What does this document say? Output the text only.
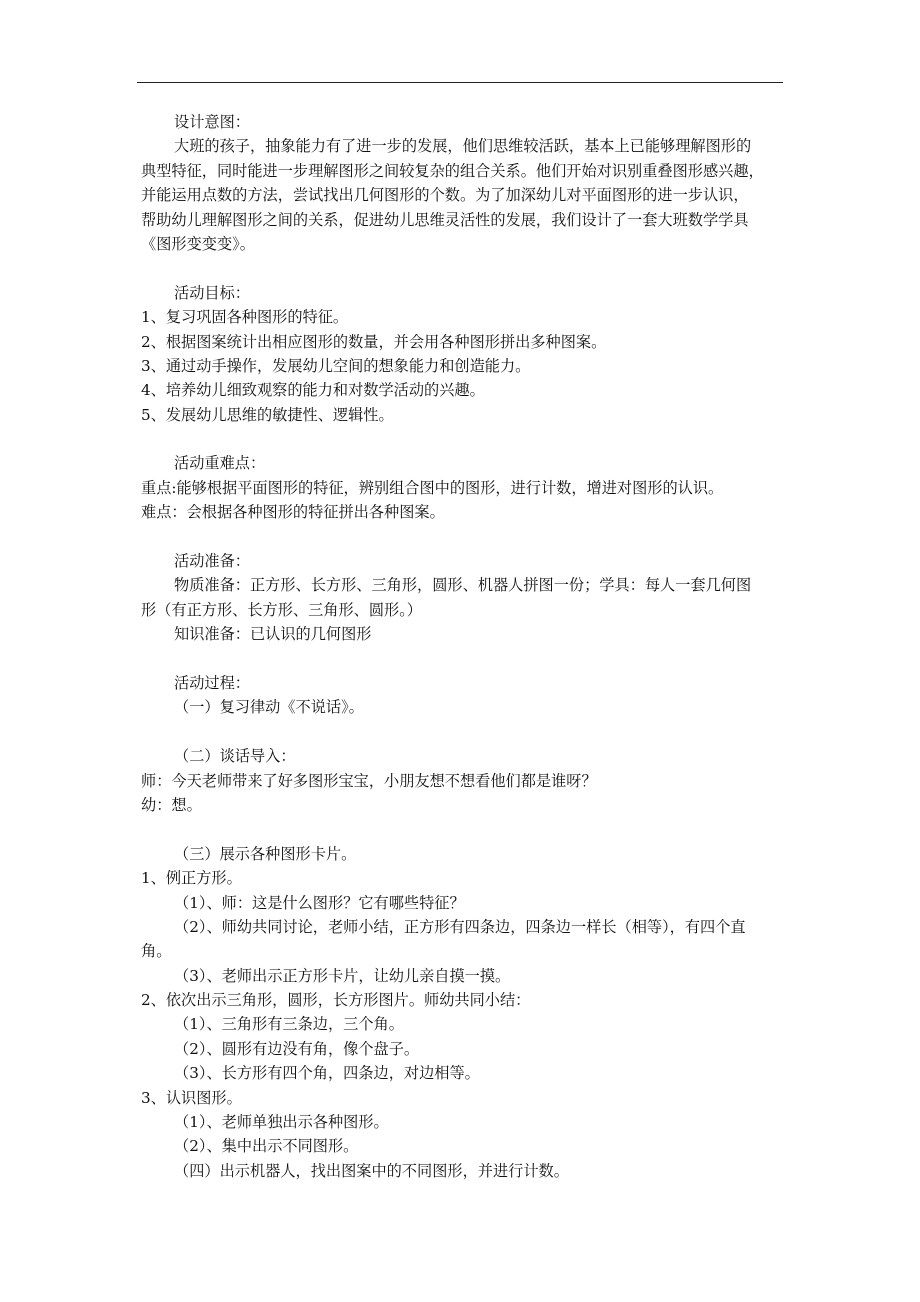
设计意图：
大班的孩子，抽象能力有了进一步的发展，他们思维较活跃，基本上已能够理解图形的
典型特征，同时能进一步理解图形之间较复杂的组合关系。他们开始对识别重叠图形感兴趣，
并能运用点数的方法，尝试找出几何图形的个数。为了加深幼儿对平面图形的进一步认识，
帮助幼儿理解图形之间的关系，促进幼儿思维灵活性的发展，我们设计了一套大班数学学具
《图形变变变》。
活动目标：
1、复习巩固各种图形的特征。
2、根据图案统计出相应图形的数量，并会用各种图形拼出多种图案。
3、通过动手操作，发展幼儿空间的想象能力和创造能力。
4、培养幼儿细致观察的能力和对数学活动的兴趣。
5、发展幼儿思维的敏捷性、逻辑性。
活动重难点：
重点:能够根据平面图形的特征，辨别组合图中的图形，进行计数，增进对图形的认识。
难点：会根据各种图形的特征拼出各种图案。
活动准备：
物质准备：正方形、长方形、三角形，圆形、机器人拼图一份；学具：每人一套几何图
形（有正方形、长方形、三角形、圆形。）
知识准备：已认识的几何图形
活动过程：
（一）复习律动《不说话》。
（二）谈话导入：
师：今天老师带来了好多图形宝宝，小朋友想不想看他们都是谁呀？
幼：想。
（三）展示各种图形卡片。
1、例正方形。
（1）、师：这是什么图形？它有哪些特征？
（2）、师幼共同讨论，老师小结，正方形有四条边，四条边一样长（相等），有四个直
角。
（3）、老师出示正方形卡片，让幼儿亲自摸一摸。
2、依次出示三角形，圆形，长方形图片。师幼共同小结：
（1）、三角形有三条边，三个角。
（2）、圆形有边没有角，像个盘子。
（3）、长方形有四个角，四条边，对边相等。
3、认识图形。
（1）、老师单独出示各种图形。
（2）、集中出示不同图形。
（四）出示机器人，找出图案中的不同图形，并进行计数。
